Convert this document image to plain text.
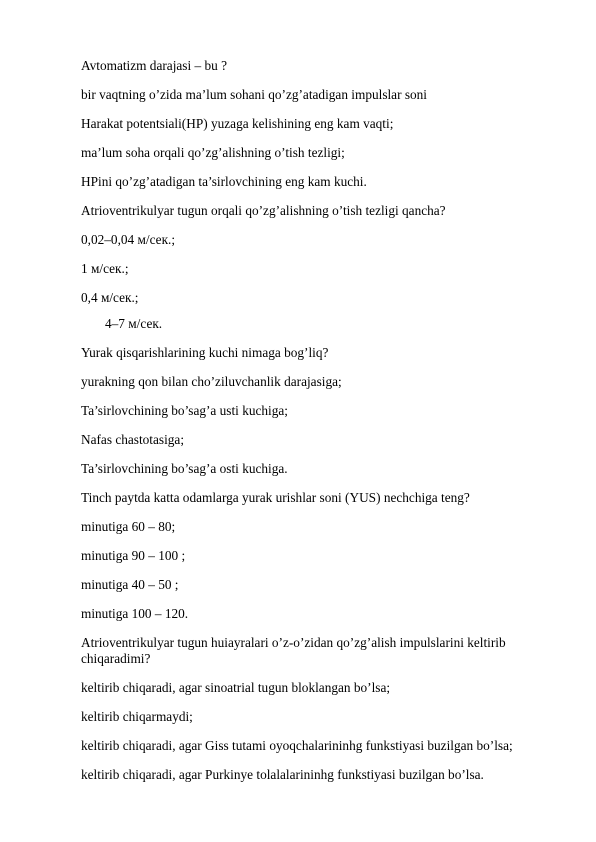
Avtomatizm darajasi – bu ?

bir vaqtning o’zida ma’lum sohani qo’zg’atadigan impulslar soni

Harakat potentsiali(HP) yuzaga kelishining eng kam vaqti;

ma’lum soha orqali qo’zg’alishning o’tish tezligi;

HPini qo’zg’atadigan ta’sirlovchining eng kam kuchi.

Atrioventrikulyar tugun orqali qo’zg’alishning o’tish tezligi qancha?

0,02–0,04 м/сек.;

1 м/сек.;

0,4 м/сек.;

4–7 м/сек.

Yurak qisqarishlarining kuchi nimaga bog’liq?

yurakning qon bilan cho’ziluvchanlik darajasiga;

Ta’sirlovchining bo’sag’a usti kuchiga;

Nafas chastotasiga;

Ta’sirlovchining bo’sag’a osti kuchiga.

Tinch paytda katta odamlarga yurak urishlar soni (YUS) nechchiga teng?

minutiga 60 – 80;

minutiga 90 – 100 ;

minutiga 40 – 50 ;

minutiga 100 – 120.

Atrioventrikulyar tugun huiayralari o’z-o’zidan qo’zg’alish impulslarini keltirib chiqaradimi?

keltirib chiqaradi, agar sinoatrial tugun bloklangan bo’lsa;

keltirib chiqarmaydi;

keltirib chiqaradi, agar Giss tutami oyoqchalarininhg funkstiyasi buzilgan bo’lsa;

keltirib chiqaradi, agar Purkinye tolalalarininhg funkstiyasi buzilgan bo’lsa.
